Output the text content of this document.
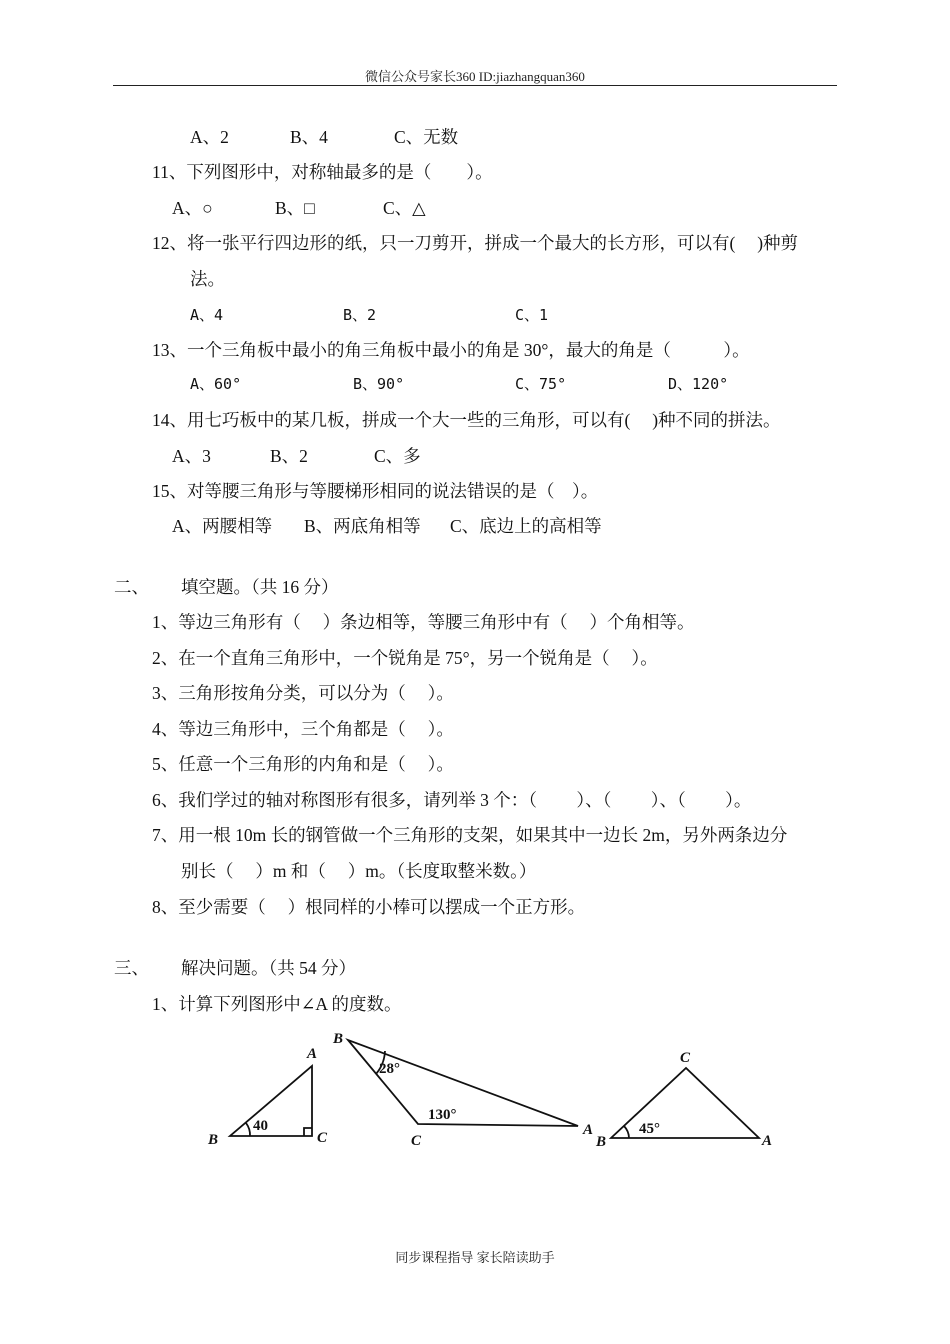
微信公众号家长360 ID:jiazhangquan360
A、2	B、4	C、无数
11、下列图形中，对称轴最多的是（　　）。
A、○	B、□	C、△
12、将一张平行四边形的纸，只一刀剪开，拼成一个最大的长方形，可以有(　 )种剪
法。
A、4	B、2	C、1
13、一个三角板中最小的角三角板中最小的角是 30°，最大的角是（　　　）。
A、60°	B、90°	C、75°	D、120°
14、用七巧板中的某几板，拼成一个大一些的三角形，可以有(　 )种不同的拼法。
A、3	B、2	C、多
15、对等腰三角形与等腰梯形相同的说法错误的是（　）。
A、两腰相等 B、两底角相等 C、底边上的高相等
二、 填空题。（共 16 分）
1、等边三角形有（　 ）条边相等，等腰三角形中有（　 ）个角相等。
2、在一个直角三角形中，一个锐角是 75°，另一个锐角是（　 ）。
3、三角形按角分类，可以分为（　 ）。
4、等边三角形中，三个角都是（　 ）。
5、任意一个三角形的内角和是（　 ）。
6、我们学过的轴对称图形有很多，请列举 3 个：（　　 ）、（　　 ）、（　　 ）。
7、用一根 10m 长的钢管做一个三角形的支架，如果其中一边长 2m，另外两条边分
别长（　 ）m 和（　 ）m。（长度取整米数。）
8、至少需要（　 ）根同样的小棒可以摆成一个正方形。
三、 解决问题。（共 54 分）
1、计算下列图形中∠A 的度数。
A
B	C
B
C
A
C
B	A
40
28°
130°
45°
同步课程指导 家长陪读助手
